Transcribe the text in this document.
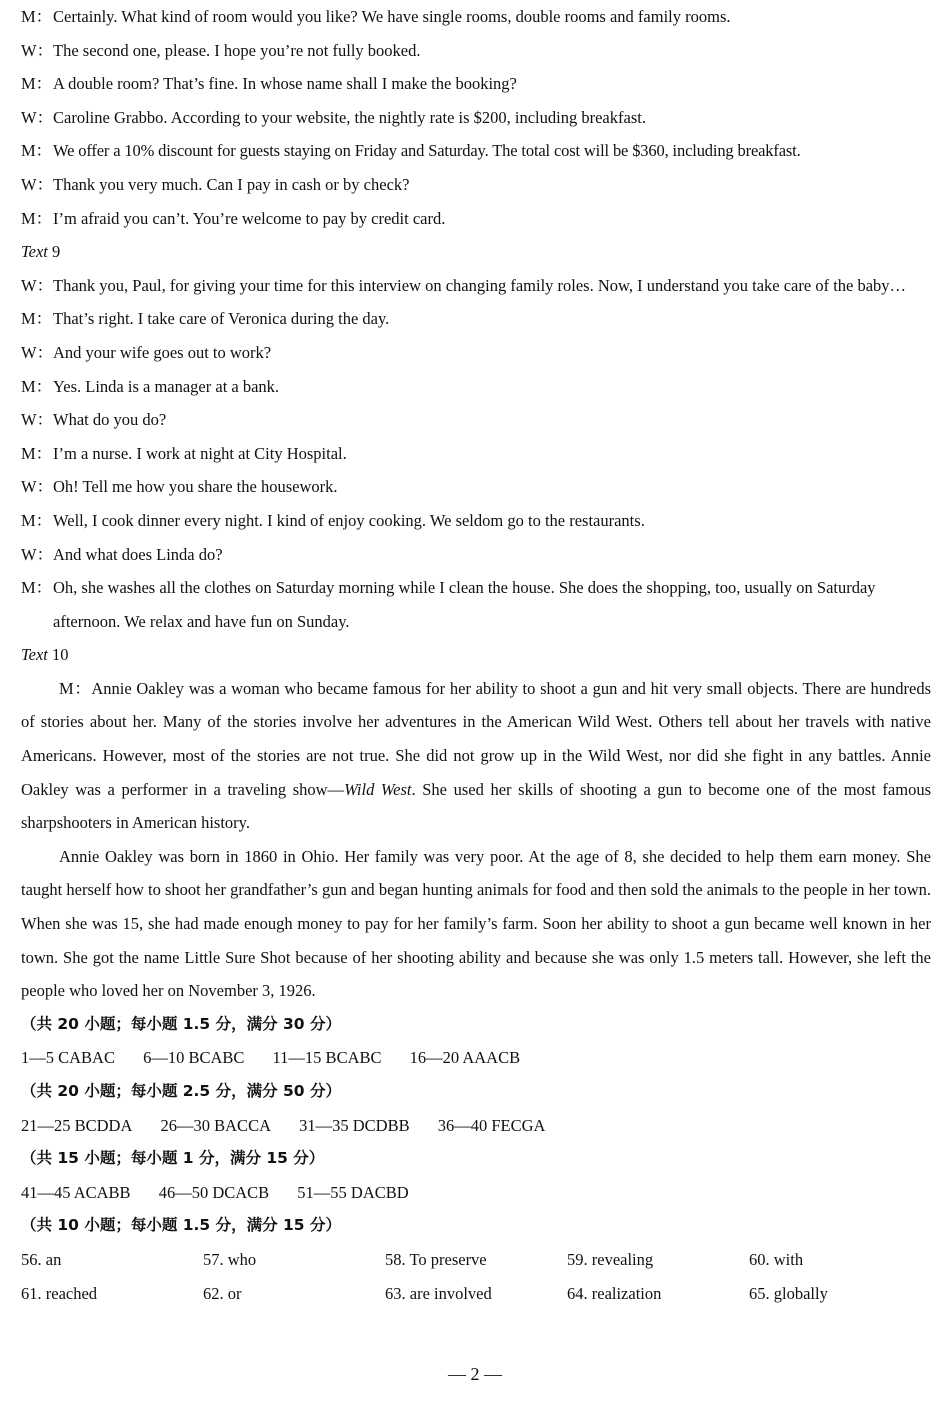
M： Certainly. What kind of room would you like? We have single rooms, double rooms and family rooms.

W： The second one, please. I hope you’re not fully booked.

M： A double room? That’s fine. In whose name shall I make the booking?

W： Caroline Grabbo. According to your website, the nightly rate is $200, including breakfast.

M： We offer a 10% discount for guests staying on Friday and Saturday. The total cost will be $360, including breakfast.

W： Thank you very much. Can I pay in cash or by check?

M： I’m afraid you can’t. You’re welcome to pay by credit card.

Text 9

W： Thank you, Paul, for giving your time for this interview on changing family roles. Now, I understand you take care of the baby…

M： That’s right. I take care of Veronica during the day.

W： And your wife goes out to work?

M： Yes. Linda is a manager at a bank.

W： What do you do?

M： I’m a nurse. I work at night at City Hospital.

W： Oh! Tell me how you share the housework.

M： Well, I cook dinner every night. I kind of enjoy cooking. We seldom go to the restaurants.

W： And what does Linda do?

M： Oh, she washes all the clothes on Saturday morning while I clean the house. She does the shopping, too, usually on Saturday afternoon. We relax and have fun on Sunday.

Text 10

M：Annie Oakley was a woman who became famous for her ability to shoot a gun and hit very small objects. There are hundreds of stories about her. Many of the stories involve her adventures in the American Wild West. Others tell about her travels with native Americans. However, most of the stories are not true. She did not grow up in the Wild West, nor did she fight in any battles. Annie Oakley was a performer in a traveling show—Wild West. She used her skills of shooting a gun to become one of the most famous sharpshooters in American history.

Annie Oakley was born in 1860 in Ohio. Her family was very poor. At the age of 8, she decided to help them earn money. She taught herself how to shoot her grandfather’s gun and began hunting animals for food and then sold the animals to the people in her town. When she was 15, she had made enough money to pay for her family’s farm. Soon her ability to shoot a gun became well known in her town. She got the name Little Sure Shot because of her shooting ability and because she was only 1.5 meters tall. However, she left the people who loved her on November 3, 1926.

（共 20 小题；每小题 1.5 分，满分 30 分）
1—5 CABAC 6—10 BCABC 11—15 BCABC 16—20 AAACB
（共 20 小题；每小题 2.5 分，满分 50 分）
21—25 BCDDA 26—30 BACCA 31—35 DCDBB 36—40 FECGA
（共 15 小题；每小题 1 分，满分 15 分）
41—45 ACABB 46—50 DCACB 51—55 DACBD
（共 10 小题；每小题 1.5 分，满分 15 分）
56. an	57. who	58. To preserve	59. revealing	60. with
61. reached	62. or	63. are involved	64. realization	65. globally
— 2 —
